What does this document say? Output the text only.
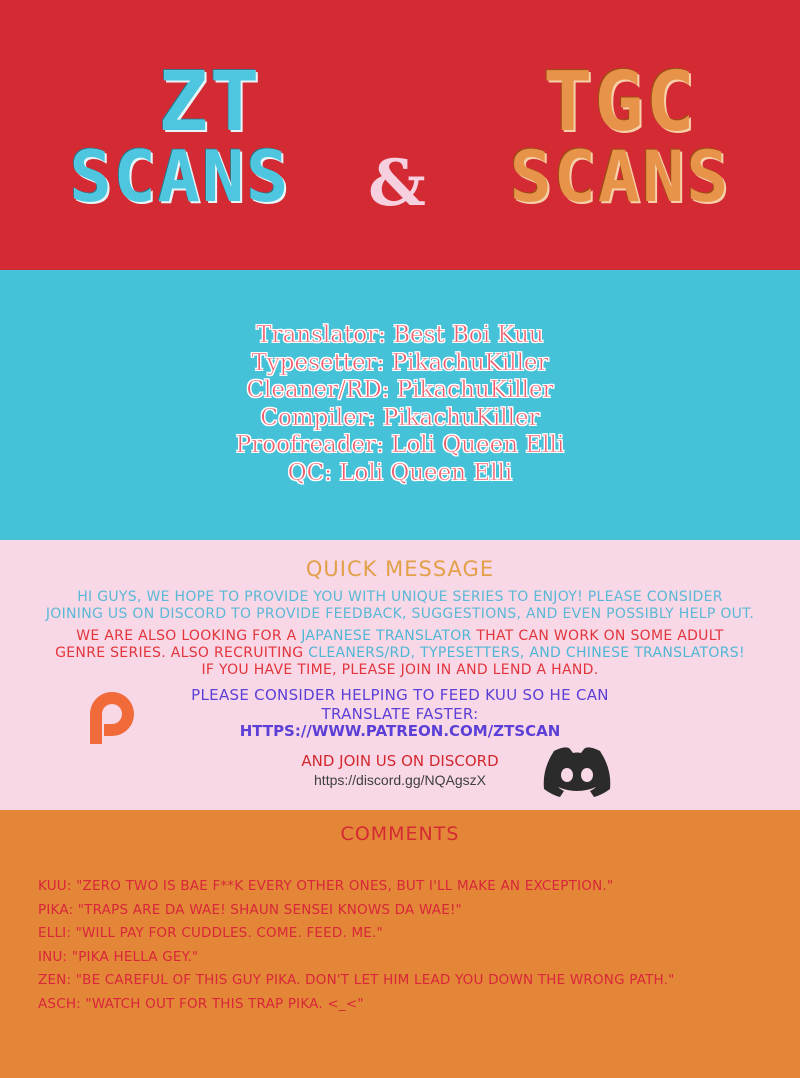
ZT
SCANS	&
TGC
SCANS
Translator: Best Boi Kuu
Typesetter: PikachuKiller
Cleaner/RD: PikachuKiller
Compiler: PikachuKiller
Proofreader: Loli Queen Elli
QC: Loli Queen Elli
QUICK MESSAGE
HI GUYS, WE HOPE TO PROVIDE YOU WITH UNIQUE SERIES TO ENJOY! PLEASE CONSIDER
JOINING US ON DISCORD TO PROVIDE FEEDBACK, SUGGESTIONS, AND EVEN POSSIBLY HELP OUT.
WE ARE ALSO LOOKING FOR A JAPANESE TRANSLATOR THAT CAN WORK ON SOME ADULT
GENRE SERIES. ALSO RECRUITING CLEANERS/RD, TYPESETTERS, AND CHINESE TRANSLATORS!
IF YOU HAVE TIME, PLEASE JOIN IN AND LEND A HAND.
PLEASE CONSIDER HELPING TO FEED KUU SO HE CAN
TRANSLATE FASTER:
HTTPS://WWW.PATREON.COM/ZTSCAN
AND JOIN US ON DISCORD
https://discord.gg/NQAgszX
COMMENTS
KUU: "ZERO TWO IS BAE F**K EVERY OTHER ONES, BUT I'LL MAKE AN EXCEPTION."
PIKA: "TRAPS ARE DA WAE! SHAUN SENSEI KNOWS DA WAE!"
ELLI: "WILL PAY FOR CUDDLES. COME. FEED. ME."
INU: "PIKA HELLA GEY."
ZEN: "BE CAREFUL OF THIS GUY PIKA. DON'T LET HIM LEAD YOU DOWN THE WRONG PATH."
ASCH: "WATCH OUT FOR THIS TRAP PIKA. <_<"
